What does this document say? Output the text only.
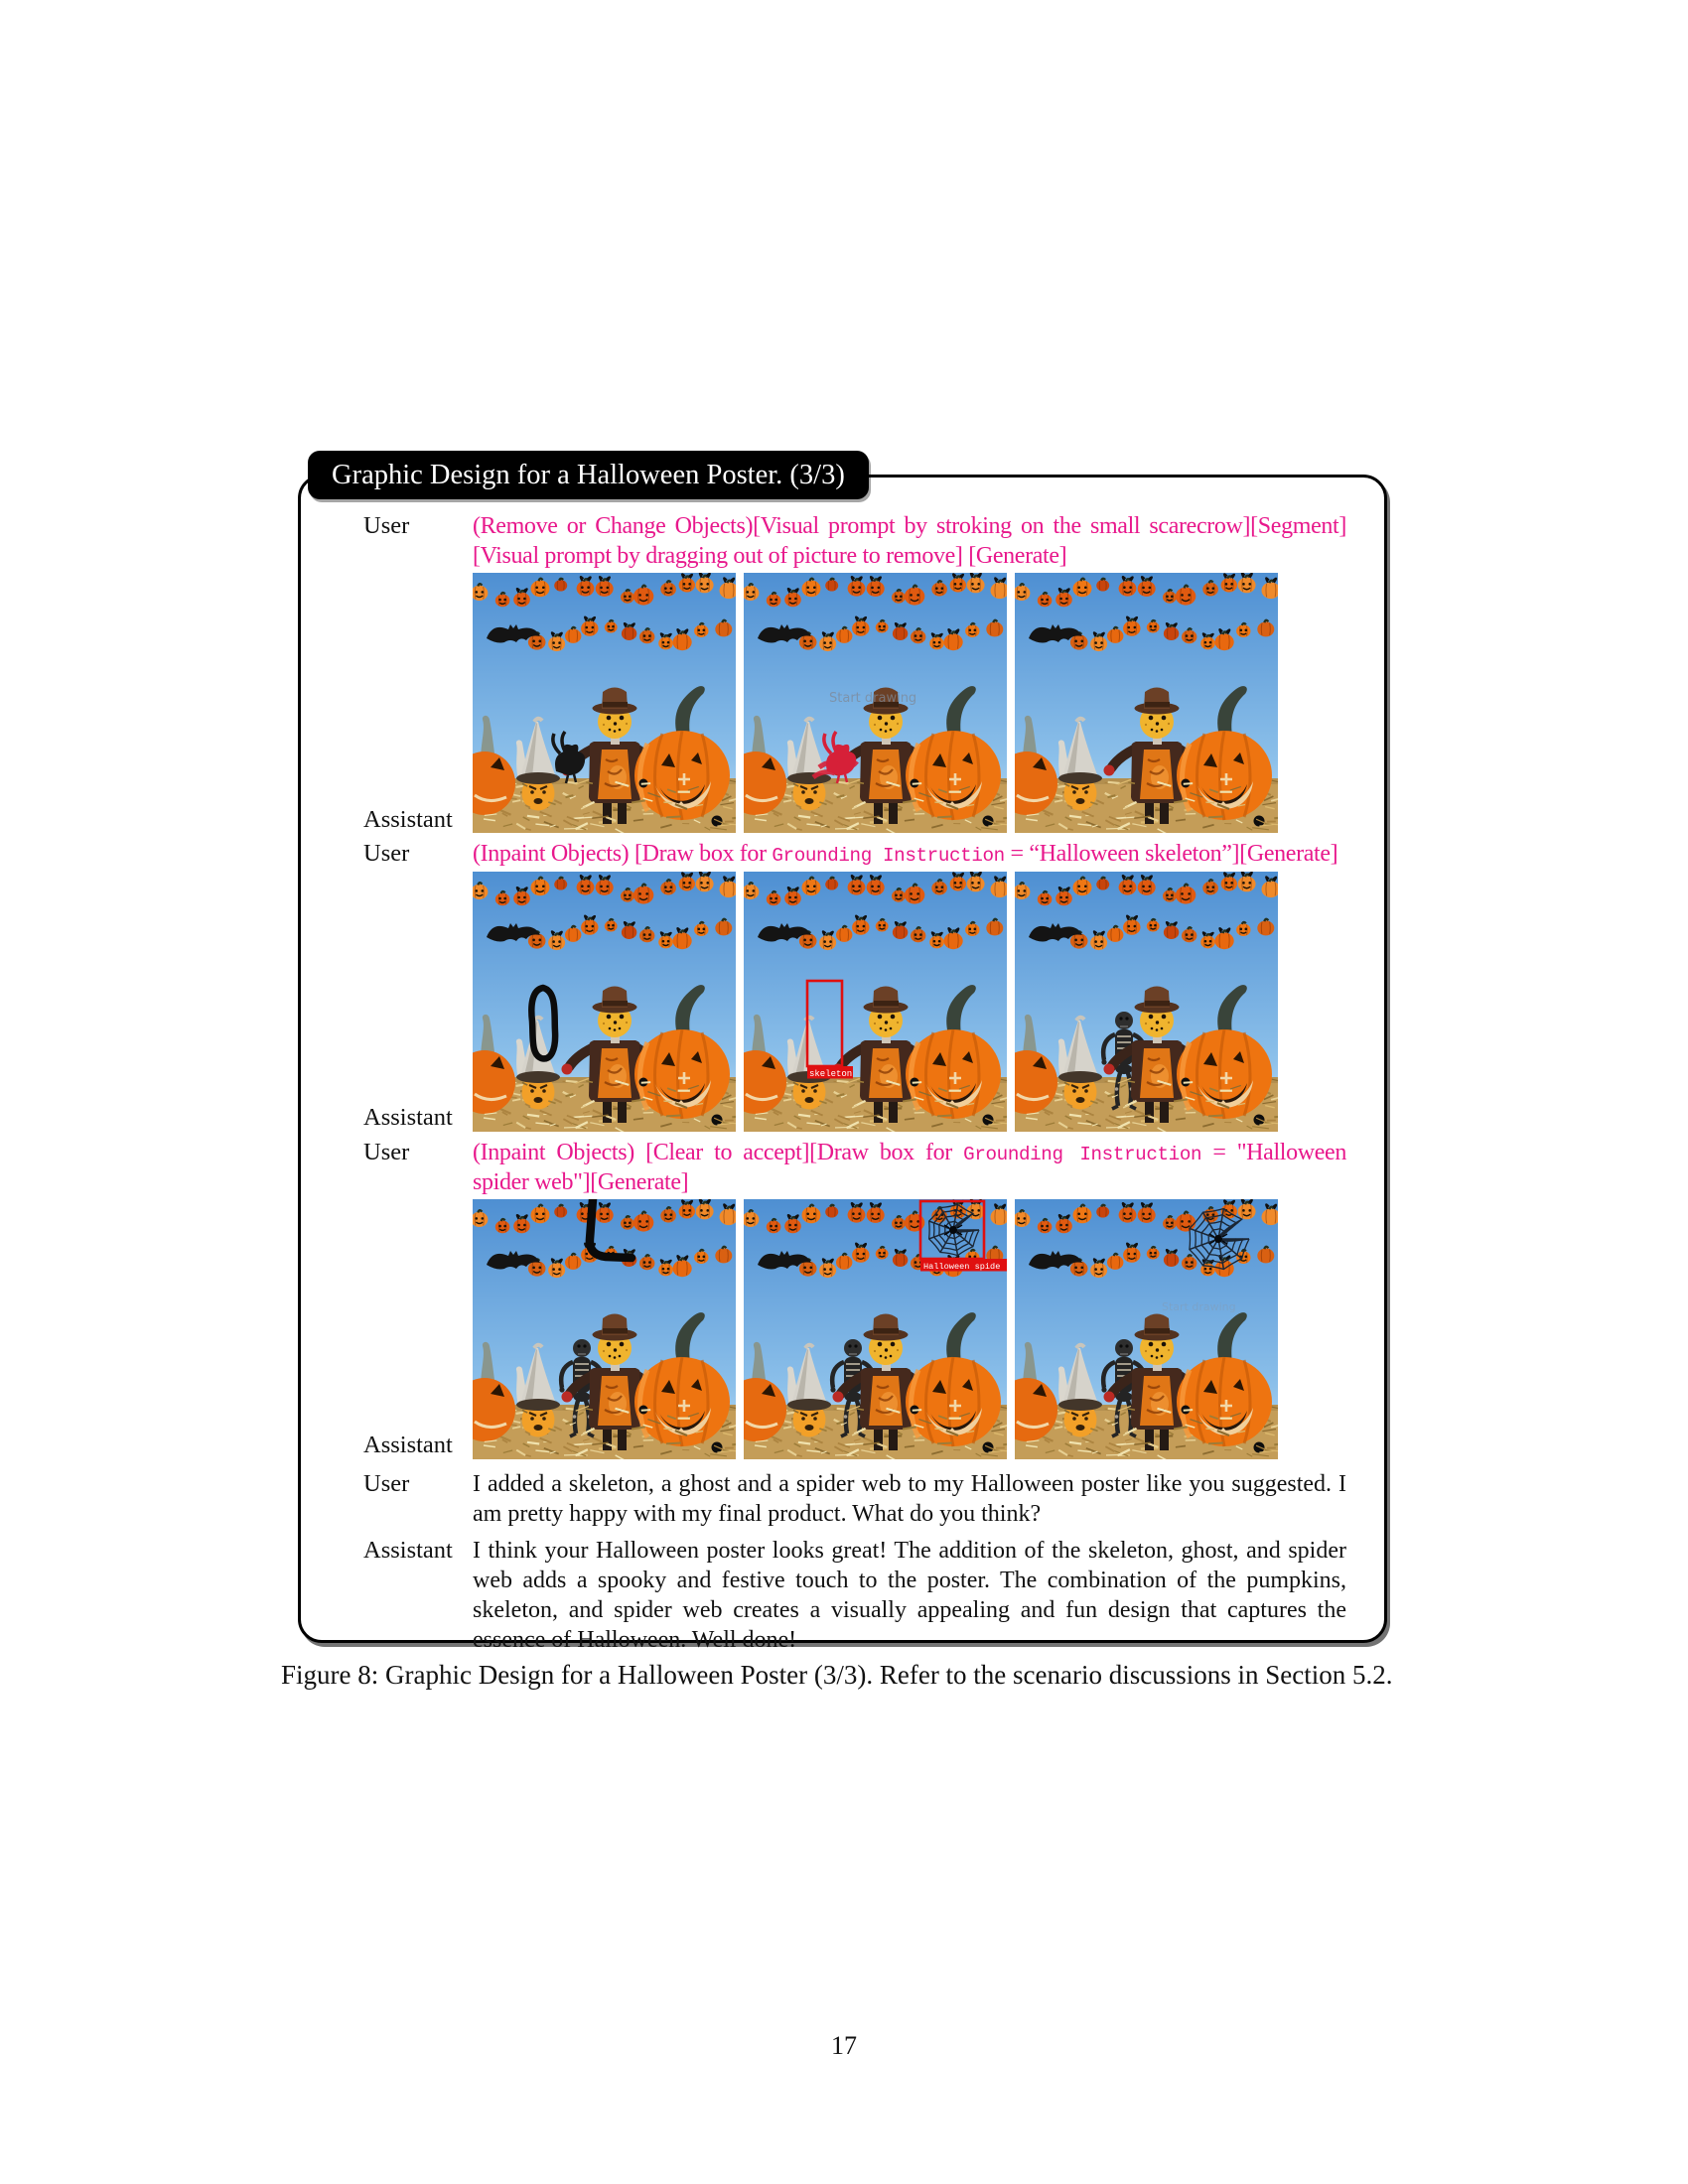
Graphic Design for a Halloween Poster. (3/3)
User	(Remove or Change Objects)[Visual prompt by stroking on the small scarecrow][Segment][Visual prompt by dragging out of picture to remove] [Generate]
Assistant
Start drawing
User	(Inpaint Objects) [Draw box for Grounding Instruction = “Halloween skeleton”][Generate]
Assistant
skeleton
User	(Inpaint Objects) [Clear to accept][Draw box for Grounding Instruction = "Halloween spider web"][Generate]
Assistant
Halloween spide
Start drawing
User	I added a skeleton, a ghost and a spider web to my Halloween poster like you suggested. I am pretty happy with my final product. What do you think?
Assistant I think your Halloween poster looks great! The addition of the skeleton, ghost, and spider web adds a spooky and festive touch to the poster. The combination of the pumpkins, skeleton, and spider web creates a visually appealing and fun design that captures the essence of Halloween. Well done!
Figure 8: Graphic Design for a Halloween Poster (3/3). Refer to the scenario discussions in Section 5.2.
17
